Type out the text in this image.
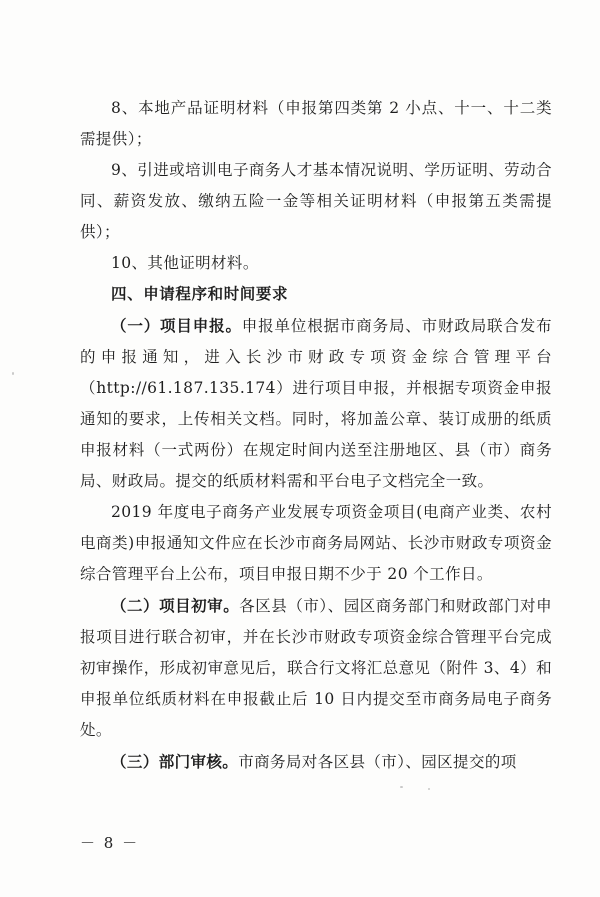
8、本地产品证明材料（申报第四类第 2 小点、十一、十二类需提供）；

9、引进或培训电子商务人才基本情况说明、学历证明、劳动合同、薪资发放、缴纳五险一金等相关证明材料（申报第五类需提供）；

10、其他证明材料。

四、申请程序和时间要求

（一）项目申报。申报单位根据市商务局、市财政局联合发布的申报通知，进入长沙市财政专项资金综合管理平台（http://61.187.135.174）进行项目申报，并根据专项资金申报通知的要求，上传相关文档。同时，将加盖公章、装订成册的纸质申报材料（一式两份）在规定时间内送至注册地区、县（市）商务局、财政局。提交的纸质材料需和平台电子文档完全一致。

2019 年度电子商务产业发展专项资金项目(电商产业类、农村电商类)申报通知文件应在长沙市商务局网站、长沙市财政专项资金综合管理平台上公布，项目申报日期不少于 20 个工作日。

（二）项目初审。各区县（市）、园区商务部门和财政部门对申报项目进行联合初审，并在长沙市财政专项资金综合管理平台完成初审操作，形成初审意见后，联合行文将汇总意见（附件 3、4）和申报单位纸质材料在申报截止后 10 日内提交至市商务局电子商务处。

（三）部门审核。市商务局对各区县（市）、园区提交的项

－ 8 －
